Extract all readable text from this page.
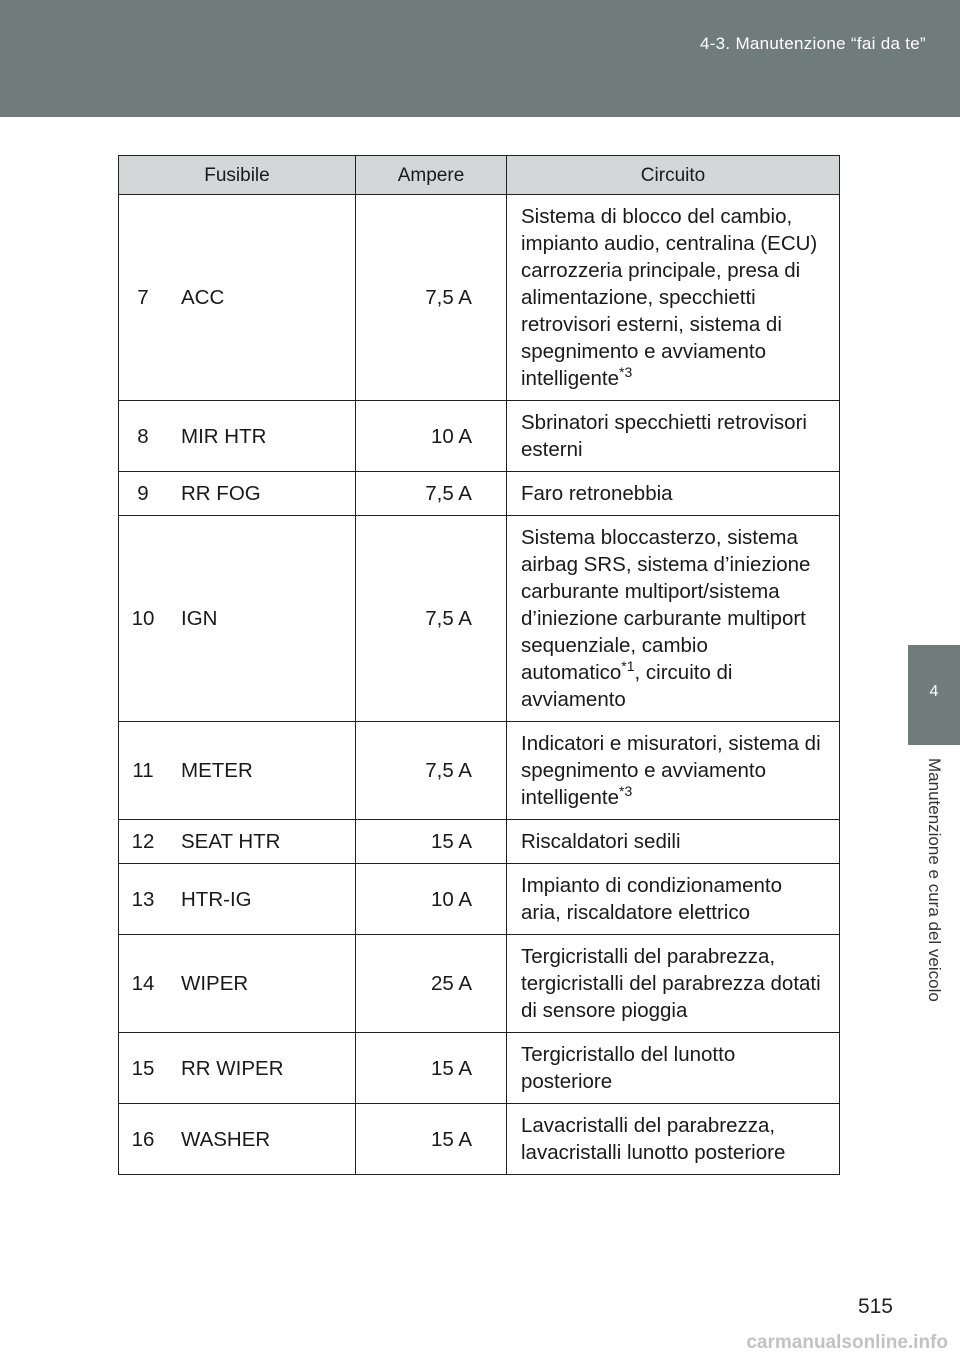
4-3. Manutenzione “fai da te”
4
Manutenzione e cura del veicolo
Fusibile		Ampere	Circuito
7	ACC	7,5 A	Sistema di blocco del cambio, impianto audio, centralina (ECU) carrozzeria principale, presa di alimentazione, specchietti retrovisori esterni, sistema di spegnimento e avviamento intelligente$^{*3}$
8	MIR HTR	10 A	Sbrinatori specchietti retrovisori esterni
9	RR FOG	7,5 A	Faro retronebbia
10	IGN	7,5 A	Sistema bloccasterzo, sistema airbag SRS, sistema d’iniezione carburante multiport/sistema d’iniezione carburante multiport sequenziale, cambio automatico$^{*1}$, circuito di avviamento
11	METER	7,5 A	Indicatori e misuratori, sistema di spegnimento e avviamento intelligente$^{*3}$
12	SEAT HTR	15 A	Riscaldatori sedili
13	HTR-IG	10 A	Impianto di condizionamento aria, riscaldatore elettrico
14	WIPER	25 A	Tergicristalli del parabrezza, tergicristalli del parabrezza dotati di sensore pioggia
15	RR WIPER	15 A	Tergicristallo del lunotto posteriore
16	WASHER	15 A	Lavacristalli del parabrezza, lavacristalli lunotto posteriore
515
carmanualsonline.info
